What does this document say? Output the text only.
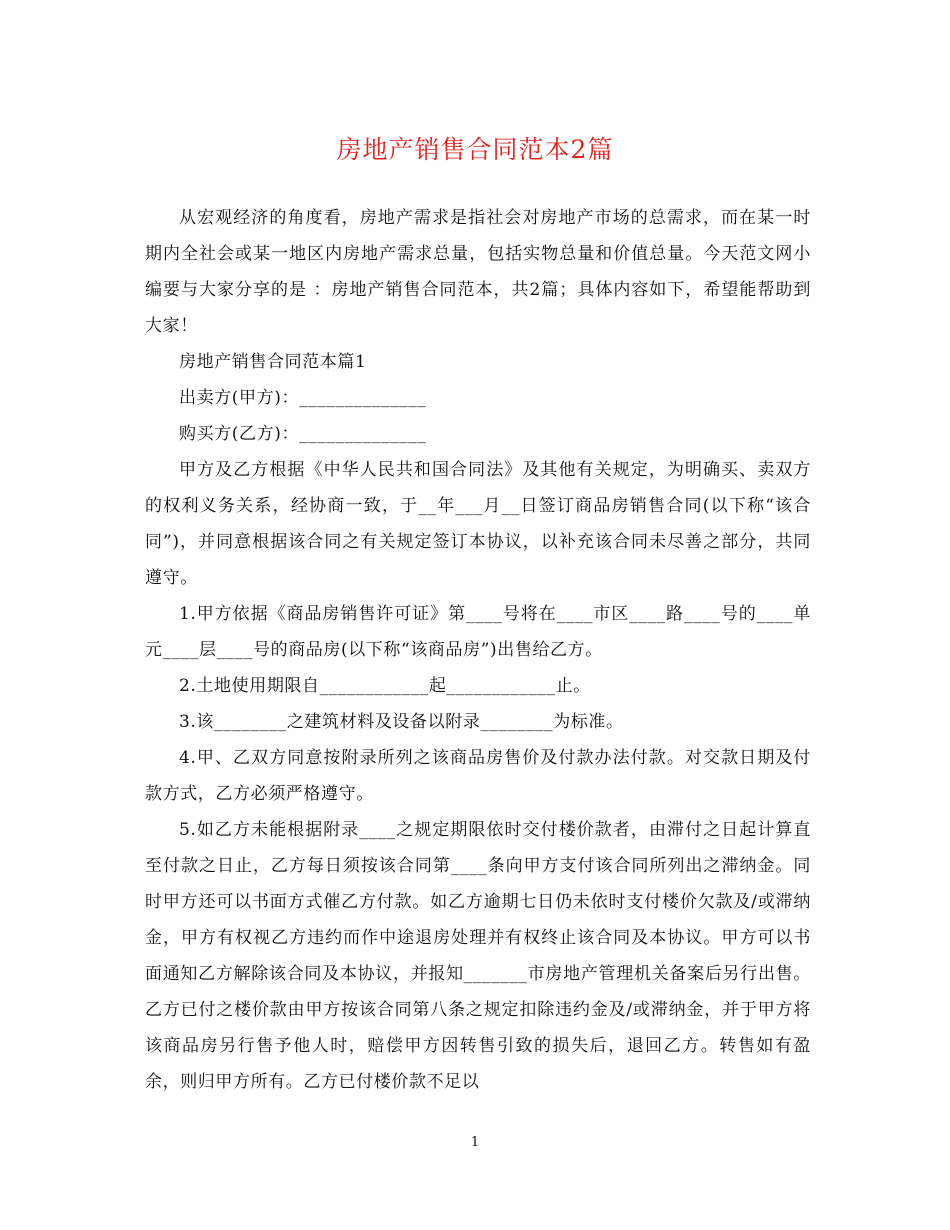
房地产销售合同范本2篇

从宏观经济的角度看，房地产需求是指社会对房地产市场的总需求，而在某一时期内全社会或某一地区内房地产需求总量，包括实物总量和价值总量。今天范文网小编要与大家分享的是 ：房地产销售合同范本，共2篇；具体内容如下，希望能帮助到大家！

房地产销售合同范本篇1

出卖方(甲方)：______________

购买方(乙方)：______________

甲方及乙方根据《中华人民共和国合同法》及其他有关规定，为明确买、卖双方的权利义务关系，经协商一致，于__年___月__日签订商品房销售合同(以下称“该合同”)，并同意根据该合同之有关规定签订本协议，以补充该合同未尽善之部分，共同遵守。

1.甲方依据《商品房销售许可证》第____号将在____市区____路____号的____单元____层____号的商品房(以下称“该商品房”)出售给乙方。

2.土地使用期限自____________起____________止。

3.该________之建筑材料及设备以附录________为标准。

4.甲、乙双方同意按附录所列之该商品房售价及付款办法付款。对交款日期及付款方式，乙方必须严格遵守。

5.如乙方未能根据附录____之规定期限依时交付楼价款者，由滞付之日起计算直至付款之日止，乙方每日须按该合同第____条向甲方支付该合同所列出之滞纳金。同时甲方还可以书面方式催乙方付款。如乙方逾期七日仍未依时支付楼价欠款及/或滞纳金，甲方有权视乙方违约而作中途退房处理并有权终止该合同及本协议。甲方可以书面通知乙方解除该合同及本协议，并报知_______市房地产管理机关备案后另行出售。乙方已付之楼价款由甲方按该合同第八条之规定扣除违约金及/或滞纳金，并于甲方将该商品房另行售予他人时，赔偿甲方因转售引致的损失后，退回乙方。转售如有盈余，则归甲方所有。乙方已付楼价款不足以

1
